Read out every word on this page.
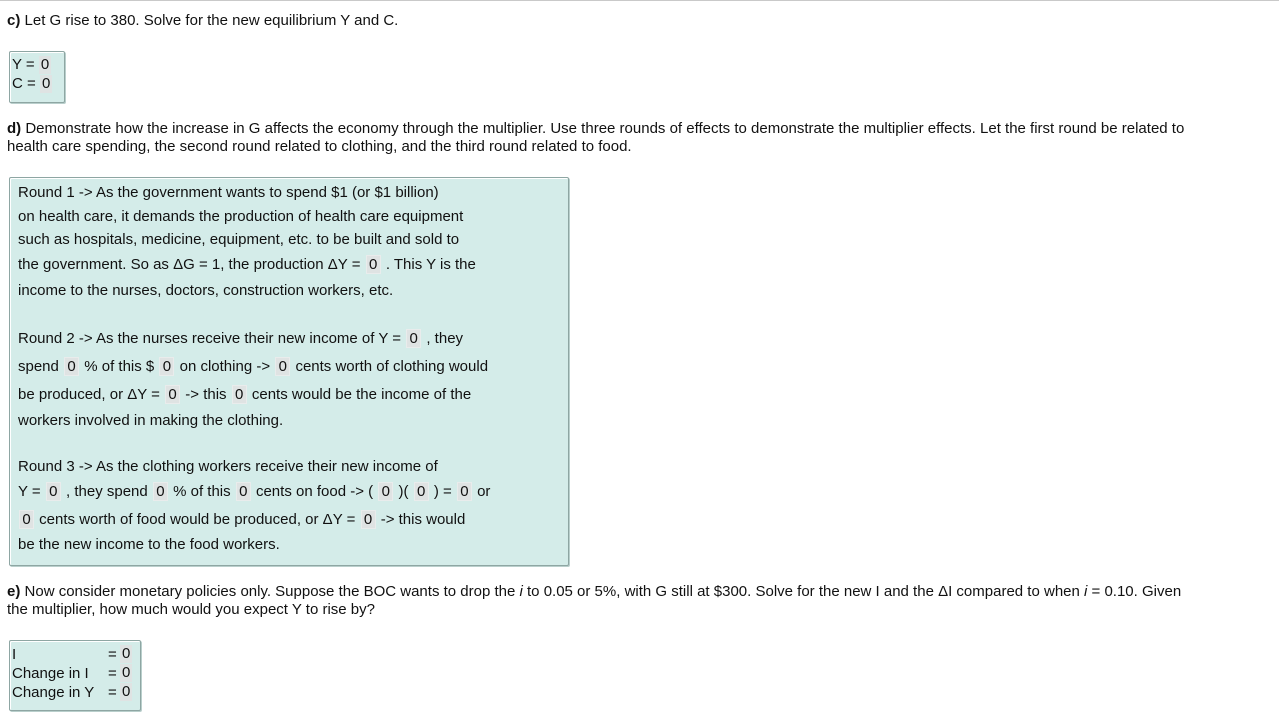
c) Let G rise to 380. Solve for the new equilibrium Y and C.
Y = 0
C = 0
d) Demonstrate how the increase in G affects the economy through the multiplier. Use three rounds of effects to demonstrate the multiplier effects. Let the first round be related to
health care spending, the second round related to clothing, and the third round related to food.
Round 1 -> As the government wants to spend $1 (or $1 billion)
on health care, it demands the production of health care equipment
such as hospitals, medicine, equipment, etc. to be built and sold to
the government. So as ΔG = 1, the production ΔY = 0 . This Y is the
income to the nurses, doctors, construction workers, etc.
Round 2 -> As the nurses receive their new income of Y = 0 , they
spend 0 % of this $ 0 on clothing -> 0 cents worth of clothing would
be produced, or ΔY = 0 -> this 0 cents would be the income of the
workers involved in making the clothing.
Round 3 -> As the clothing workers receive their new income of
Y = 0 , they spend 0 % of this 0 cents on food -> ( 0 )( 0 ) = 0 or
0 cents worth of food would be produced, or ΔY = 0 -> this would
be the new income to the food workers.
e) Now consider monetary policies only. Suppose the BOC wants to drop the i to 0.05 or 5%, with G still at $300. Solve for the new I and the ΔI compared to when i = 0.10. Given
the multiplier, how much would you expect Y to rise by?
I	= 0
Change in I = 0
Change in Y = 0
